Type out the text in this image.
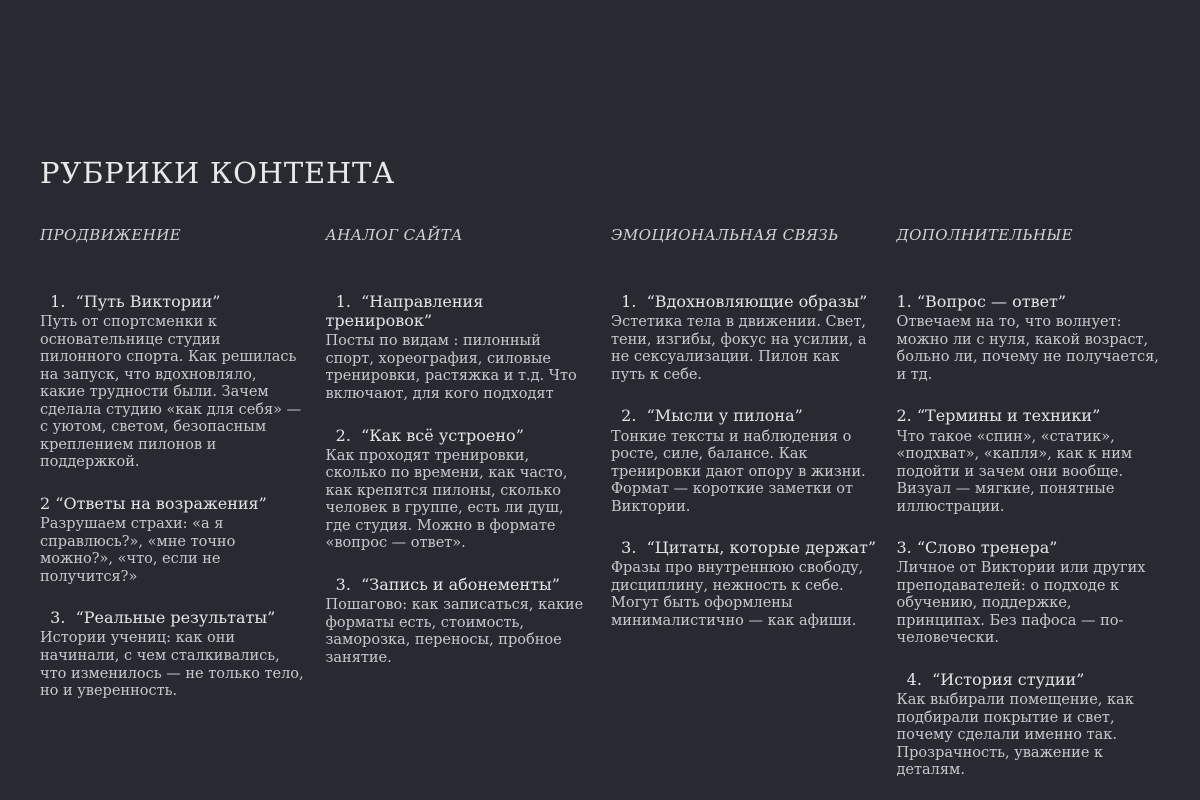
РУБРИКИ КОНТЕНТА
ПРОДВИЖЕНИЕ

1.  “Путь Виктории”

Путь от спортсменки к основательнице студии пилонного спорта. Как решилась на запуск, что вдохновляло, какие трудности были. Зачем сделала студию «как для себя» — с уютом, светом, безопасным креплением пилонов и поддержкой.

2 “Ответы на возражения”

Разрушаем страхи: «а я справлюсь?», «мне точно можно?», «что, если не получится?»

3.  “Реальные результаты”

Истории учениц: как они начинали, с чем сталкивались, что изменилось — не только тело, но и уверенность.

АНАЛОГ САЙТА

1.  “Направления тренировок”

Посты по видам : пилонный спорт, хореография, силовые тренировки, растяжка и т.д. Что включают, для кого подходят

2.  “Как всё устроено”

Как проходят тренировки, сколько по времени, как часто, как крепятся пилоны, сколько человек в группе, есть ли душ, где студия. Можно в формате «вопрос — ответ».

3.  “Запись и абонементы”

Пошагово: как записаться, какие форматы есть, стоимость, заморозка, переносы, пробное занятие.

ЭМОЦИОНАЛЬНАЯ СВЯЗЬ

1.  “Вдохновляющие образы”

Эстетика тела в движении. Свет, тени, изгибы, фокус на усилии, а не сексуализации. Пилон как путь к себе.

2.  “Мысли у пилона”

Тонкие тексты и наблюдения о росте, силе, балансе. Как тренировки дают опору в жизни. Формат — короткие заметки от Виктории.

3.  “Цитаты, которые держат”

Фразы про внутреннюю свободу, дисциплину, нежность к себе. Могут быть оформлены минималистично — как афиши.

ДОПОЛНИТЕЛЬНЫЕ

1. “Вопрос — ответ”

Отвечаем на то, что волнует: можно ли с нуля, какой возраст, больно ли, почему не получается, и тд.

2. “Термины и техники”

Что такое «спин», «статик», «подхват», «капля», как к ним подойти и зачем они вообще. Визуал — мягкие, понятные иллюстрации.

3. “Слово тренера”

Личное от Виктории или других преподавателей: о подходе к обучению, поддержке, принципах. Без пафоса — по-человечески.

4.  “История студии”

Как выбирали помещение, как подбирали покрытие и свет, почему сделали именно так. Прозрачность, уважение к деталям.
